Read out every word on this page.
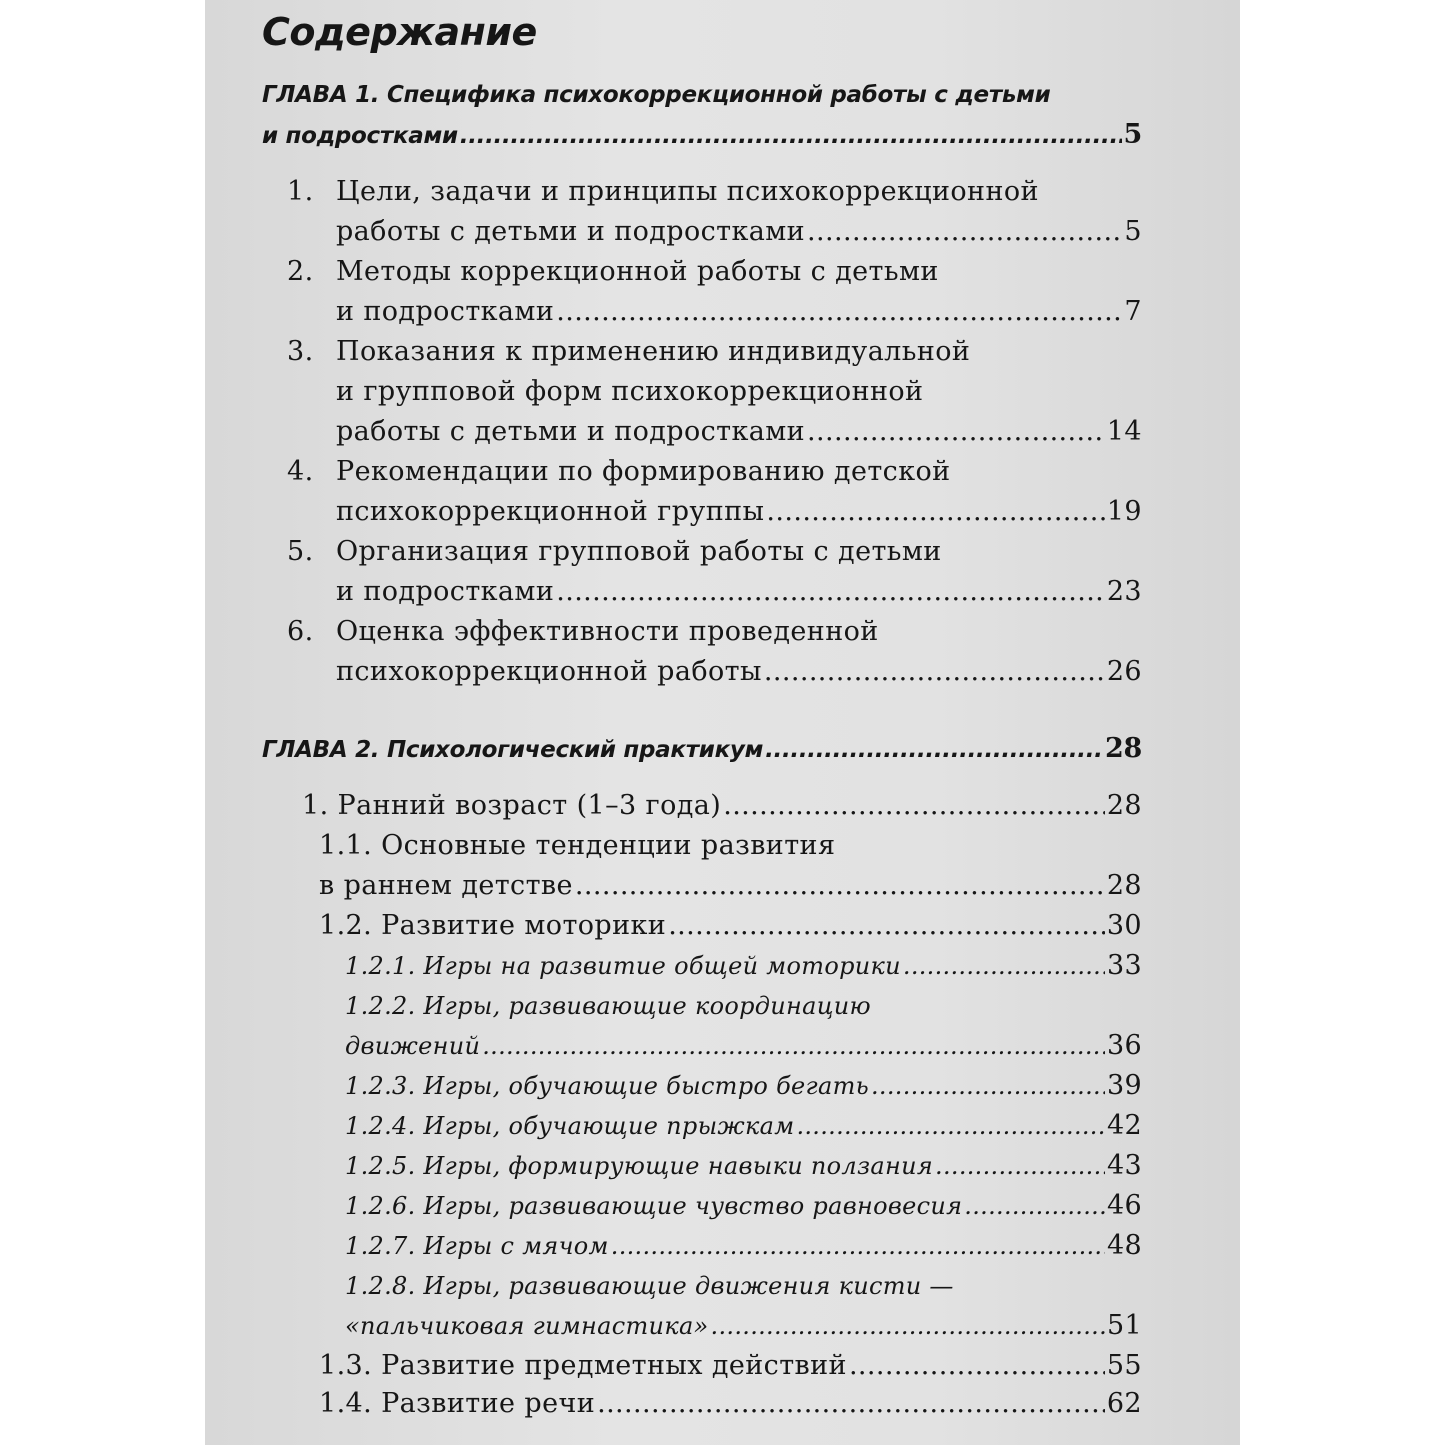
Содержание
ГЛАВА 1. Специфика психокоррекционной работы с детьми
и подростками .....	5
1. Цели, задачи и принципы психокоррекционной
работы с детьми и подростками .....	5
2. Методы коррекционной работы с детьми
и подростками .....	7
3. Показания к применению индивидуальной
и групповой форм психокоррекционной
работы с детьми и подростками .....	14
4. Рекомендации по формированию детской
психокоррекционной группы .....	19
5. Организация групповой работы с детьми
и подростками .....	23
6. Оценка эффективности проведенной
психокоррекционной работы .....	26
ГЛАВА 2. Психологический практикум .....	28
1. Ранний возраст (1–3 года) .....	28
1.1. Основные тенденции развития
в раннем детстве .....	28
1.2. Развитие моторики .....	30
1.2.1. Игры на развитие общей моторики .....	33
1.2.2. Игры, развивающие координацию
движений .....	36
1.2.3. Игры, обучающие быстро бегать .....	39
1.2.4. Игры, обучающие прыжкам .....	42
1.2.5. Игры, формирующие навыки ползания .....	43
1.2.6. Игры, развивающие чувство равновесия .....	46
1.2.7. Игры с мячом .....	48
1.2.8. Игры, развивающие движения кисти —
«пальчиковая гимнастика» .....	51
1.3. Развитие предметных действий .....	55
1.4. Развитие речи .....	62
